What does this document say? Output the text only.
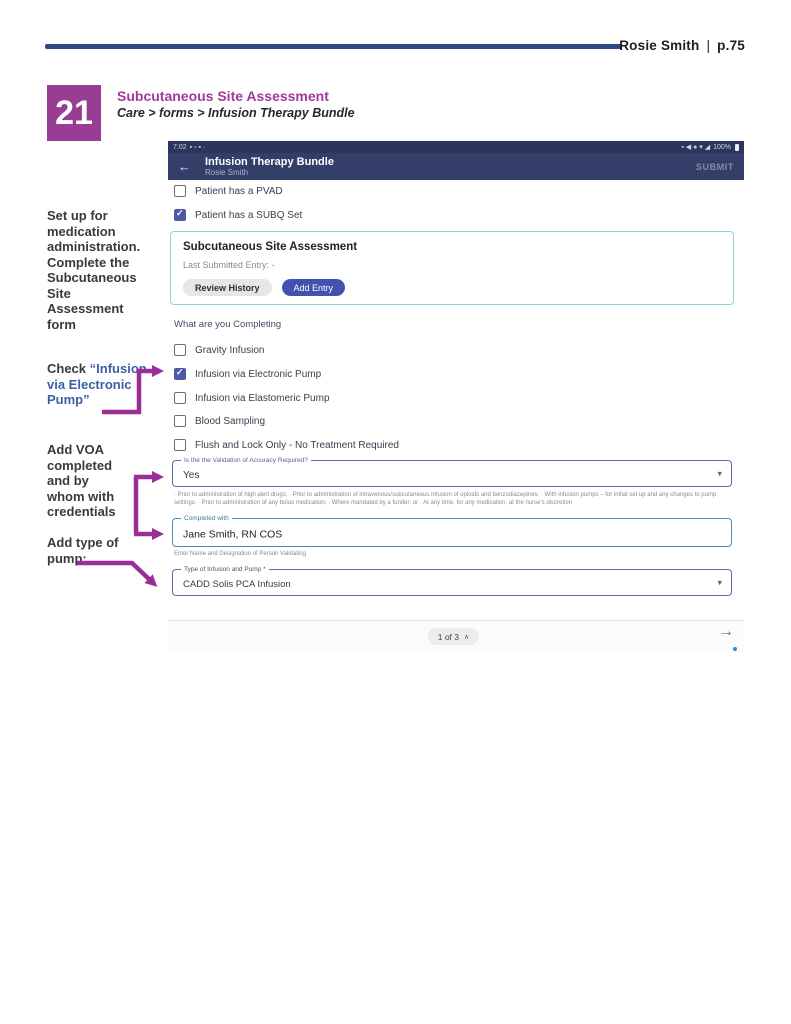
Rosie Smith | p.75
21 Subcutaneous Site Assessment
Care > forms > Infusion Therapy Bundle
Set up for medication administration. Complete the Subcutaneous Site Assessment form
Check “Infusion via Electronic Pump”
Add VOA completed and by whom with credentials
Add type of pump:
7:02 ▪ ▫ ▪ ·	▪ ◀ ● ▾ ◢ 100%
← Infusion Therapy Bundle
Rosie Smith
SUBMIT
Patient has a PVAD
✓
Patient has a SUBQ Set
Subcutaneous Site Assessment
Last Submitted Entry: -
Review History	Add Entry
What are you Completing
Gravity Infusion
✓
Infusion via Electronic Pump
Infusion via Elastomeric Pump
Blood Sampling
Flush and Lock Only - No Treatment Required
Is the the Validation of Accuracy Required?
Yes	▾
· Prior to administration of high alert drugs; · Prior to administration of intravenous/subcutaneous infusion of opioids and benzodiazepines; · With infusion pumps – for initial set up and any changes to pump settings; · Prior to administration of any bolus medication; · Where mandated by a funder; or · At any time, for any medication, at the nurse's discretion
Completed with
Jane Smith, RN COS
Enter Name and Designation of Person Validating
Type of Infusion and Pump *
CADD Solis PCA Infusion	▾
1 of 3 ∧	→
